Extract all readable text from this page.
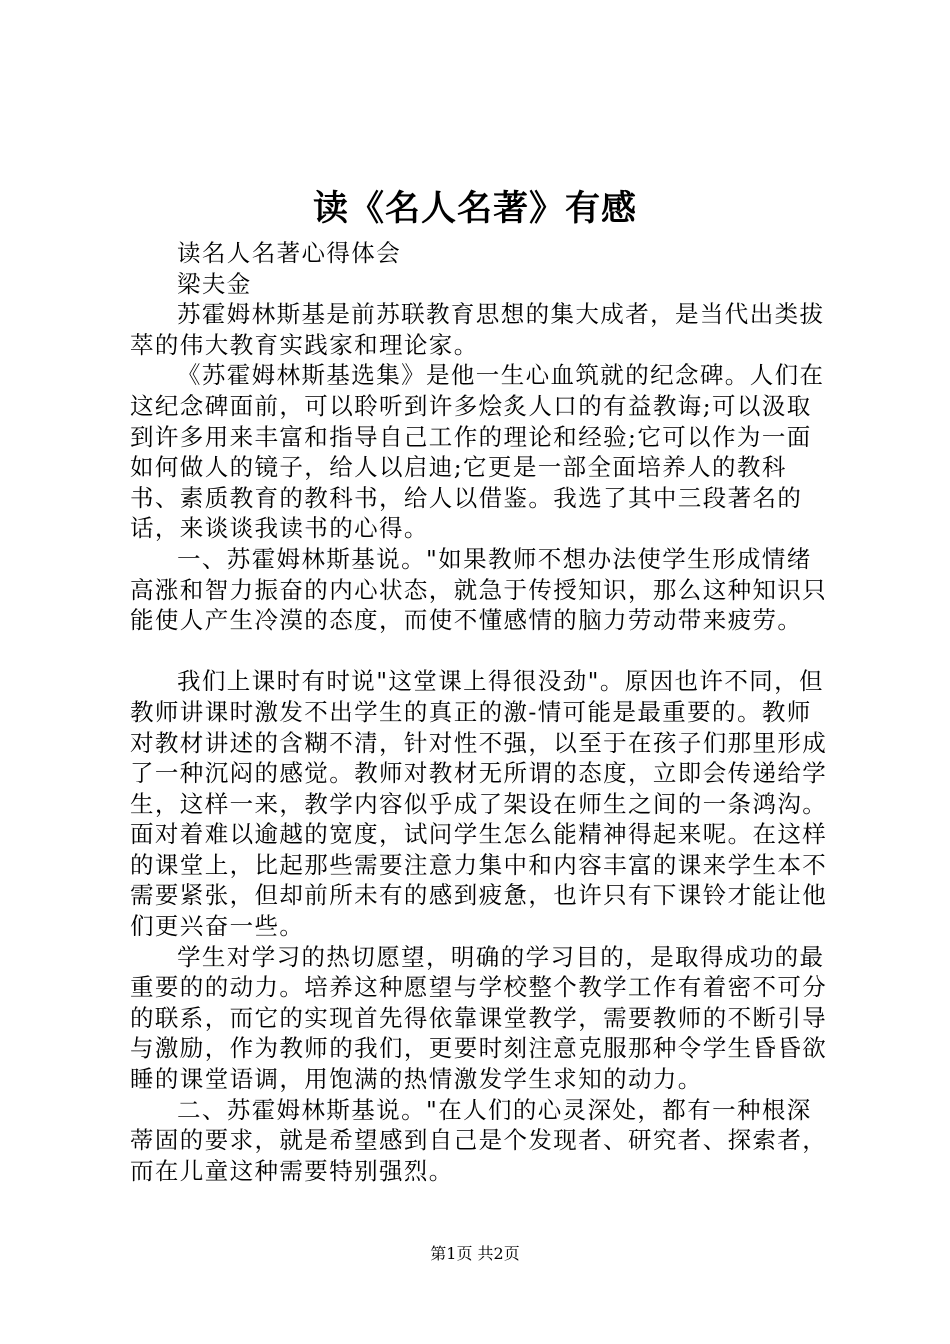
读《名人名著》有感

读名人名著心得体会

梁夫金

苏霍姆林斯基是前苏联教育思想的集大成者，是当代出类拔萃的伟大教育实践家和理论家。

《苏霍姆林斯基选集》是他一生心血筑就的纪念碑。人们在这纪念碑面前，可以聆听到许多烩炙人口的有益教诲;可以汲取到许多用来丰富和指导自己工作的理论和经验;它可以作为一面如何做人的镜子，给人以启迪;它更是一部全面培养人的教科书、素质教育的教科书，给人以借鉴。我选了其中三段著名的话，来谈谈我读书的心得。

一、苏霍姆林斯基说。"如果教师不想办法使学生形成情绪高涨和智力振奋的内心状态，就急于传授知识，那么这种知识只能使人产生冷漠的态度，而使不懂感情的脑力劳动带来疲劳。

我们上课时有时说"这堂课上得很没劲"。原因也许不同，但教师讲课时激发不出学生的真正的激-情可能是最重要的。教师对教材讲述的含糊不清，针对性不强，以至于在孩子们那里形成了一种沉闷的感觉。教师对教材无所谓的态度，立即会传递给学生，这样一来，教学内容似乎成了架设在师生之间的一条鸿沟。面对着难以逾越的宽度，试问学生怎么能精神得起来呢。在这样的课堂上，比起那些需要注意力集中和内容丰富的课来学生本不需要紧张，但却前所未有的感到疲惫，也许只有下课铃才能让他们更兴奋一些。

学生对学习的热切愿望，明确的学习目的，是取得成功的最重要的的动力。培养这种愿望与学校整个教学工作有着密不可分的联系，而它的实现首先得依靠课堂教学，需要教师的不断引导与激励，作为教师的我们，更要时刻注意克服那种令学生昏昏欲睡的课堂语调，用饱满的热情激发学生求知的动力。

二、苏霍姆林斯基说。"在人们的心灵深处，都有一种根深蒂固的要求，就是希望感到自己是个发现者、研究者、探索者，而在儿童这种需要特别强烈。

第1页 共2页
